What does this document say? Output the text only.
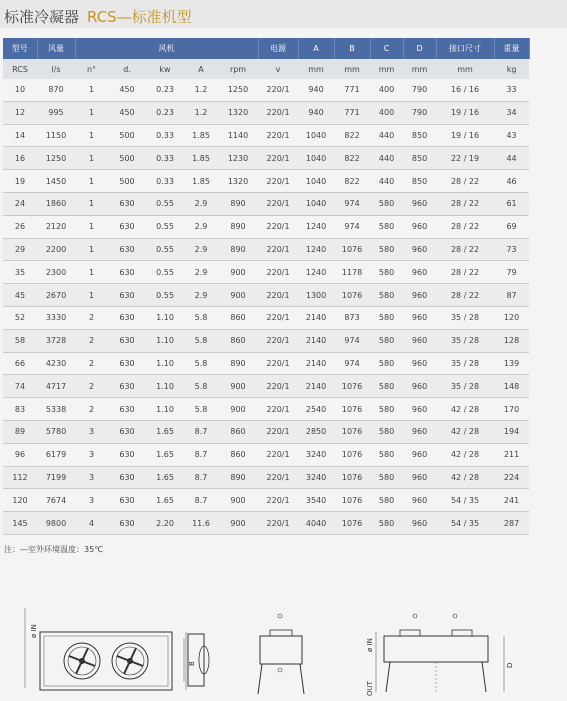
标准冷凝器 RCS—标准机型
型号	风量	风机					电源	A	B	C	D	接口尺寸	重量
RCS	l/s	n°	d.	kw	A	rpm	v	mm	mm	mm	mm	mm	kg
10	870	1	450	0.23	1.2	1250	220/1	940	771	400	790	16 / 16	33
12	995	1	450	0.23	1.2	1320	220/1	940	771	400	790	19 / 16	34
14	1150	1	500	0.33	1.85	1140	220/1	1040	822	440	850	19 / 16	43
16	1250	1	500	0.33	1.85	1230	220/1	1040	822	440	850	22 / 19	44
19	1450	1	500	0.33	1.85	1320	220/1	1040	822	440	850	28 / 22	46
24	1860	1	630	0.55	2.9	890	220/1	1040	974	580	960	28 / 22	61
26	2120	1	630	0.55	2.9	890	220/1	1240	974	580	960	28 / 22	69
29	2200	1	630	0.55	2.9	890	220/1	1240	1076	580	960	28 / 22	73
35	2300	1	630	0.55	2.9	900	220/1	1240	1178	580	960	28 / 22	79
45	2670	1	630	0.55	2.9	900	220/1	1300	1076	580	960	28 / 22	87
52	3330	2	630	1.10	5.8	860	220/1	2140	873	580	960	35 / 28	120
58	3728	2	630	1.10	5.8	860	220/1	2140	974	580	960	35 / 28	128
66	4230	2	630	1.10	5.8	890	220/1	2140	974	580	960	35 / 28	139
74	4717	2	630	1.10	5.8	900	220/1	2140	1076	580	960	35 / 28	148
83	5338	2	630	1.10	5.8	900	220/1	2540	1076	580	960	42 / 28	170
89	5780	3	630	1.65	8.7	860	220/1	2850	1076	580	960	42 / 28	194
96	6179	3	630	1.65	8.7	860	220/1	3240	1076	580	960	42 / 28	211
112	7199	3	630	1.65	8.7	890	220/1	3240	1076	580	960	42 / 28	224
120	7674	3	630	1.65	8.7	900	220/1	3540	1076	580	960	54 / 35	241
145	9800	4	630	2.20	11.6	900	220/1	4040	1076	580	960	54 / 35	287
注：—室外环境温度：35℃
ø IN
B
ø IN
OUT
D
